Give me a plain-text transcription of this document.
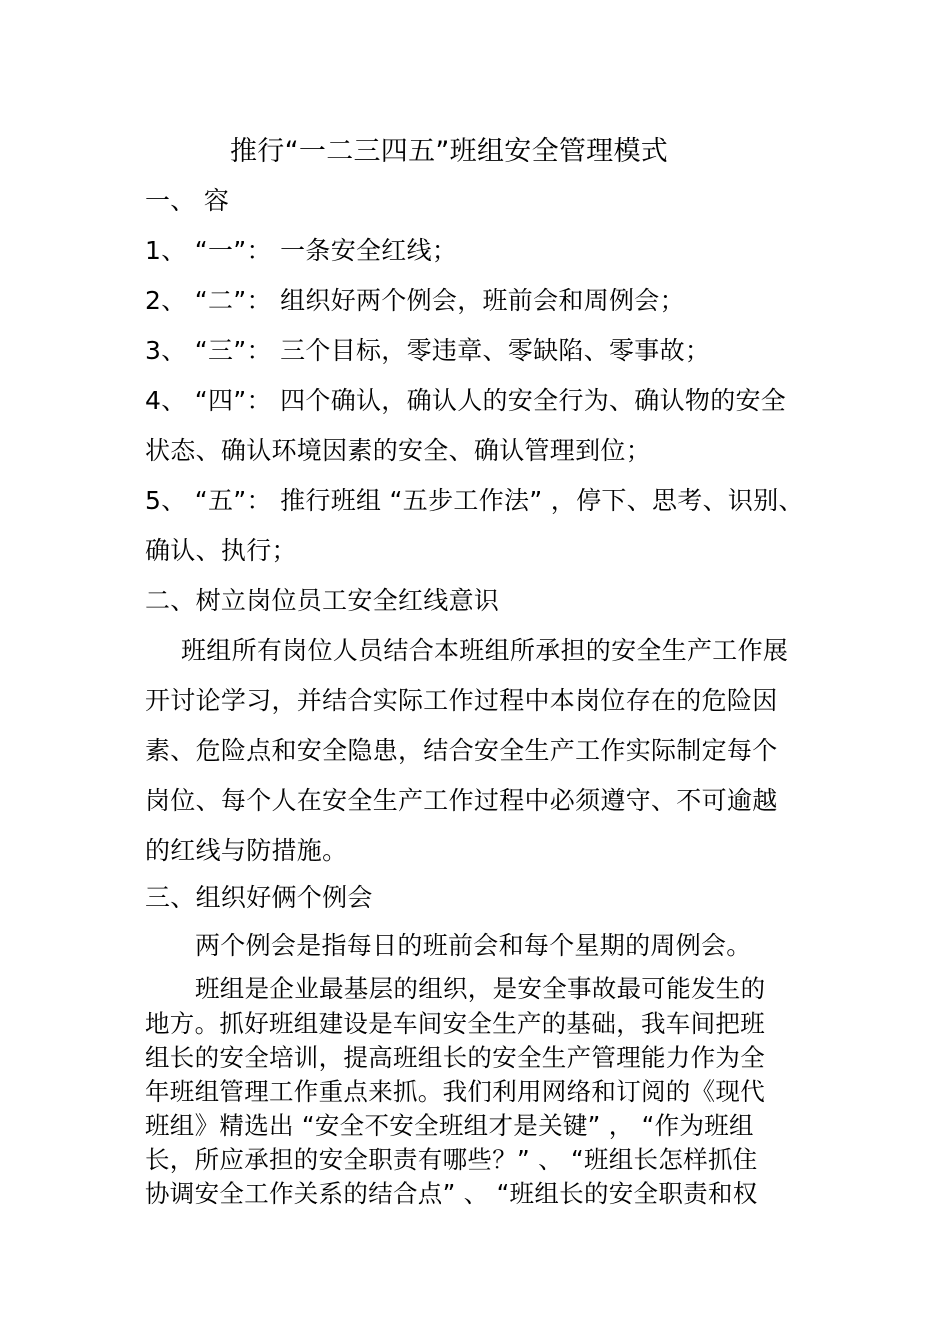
推行“一二三四五”班组安全管理模式
一、 容
1、 “一”： 一条安全红线；
2、 “二”： 组织好两个例会，班前会和周例会；
3、 “三”： 三个目标，零违章、零缺陷、零事故；
4、 “四”： 四个确认，确认人的安全行为、确认物的安全
状态、确认环境因素的安全、确认管理到位；
5、 “五”： 推行班组 “五步工作法” ，停下、思考、识别、
确认、执行；
二、树立岗位员工安全红线意识
班组所有岗位人员结合本班组所承担的安全生产工作展
开讨论学习，并结合实际工作过程中本岗位存在的危险因
素、危险点和安全隐患，结合安全生产工作实际制定每个
岗位、每个人在安全生产工作过程中必须遵守、不可逾越
的红线与防措施。
三、组织好俩个例会
两个例会是指每日的班前会和每个星期的周例会。
班组是企业最基层的组织，是安全事故最可能发生的
地方。抓好班组建设是车间安全生产的基础，我车间把班
组长的安全培训，提高班组长的安全生产管理能力作为全
年班组管理工作重点来抓。我们利用网络和订阅的《现代
班组》精选出 “安全不安全班组才是关键” ， “作为班组
长，所应承担的安全职责有哪些？” 、 “班组长怎样抓住
协调安全工作关系的结合点” 、 “班组长的安全职责和权
